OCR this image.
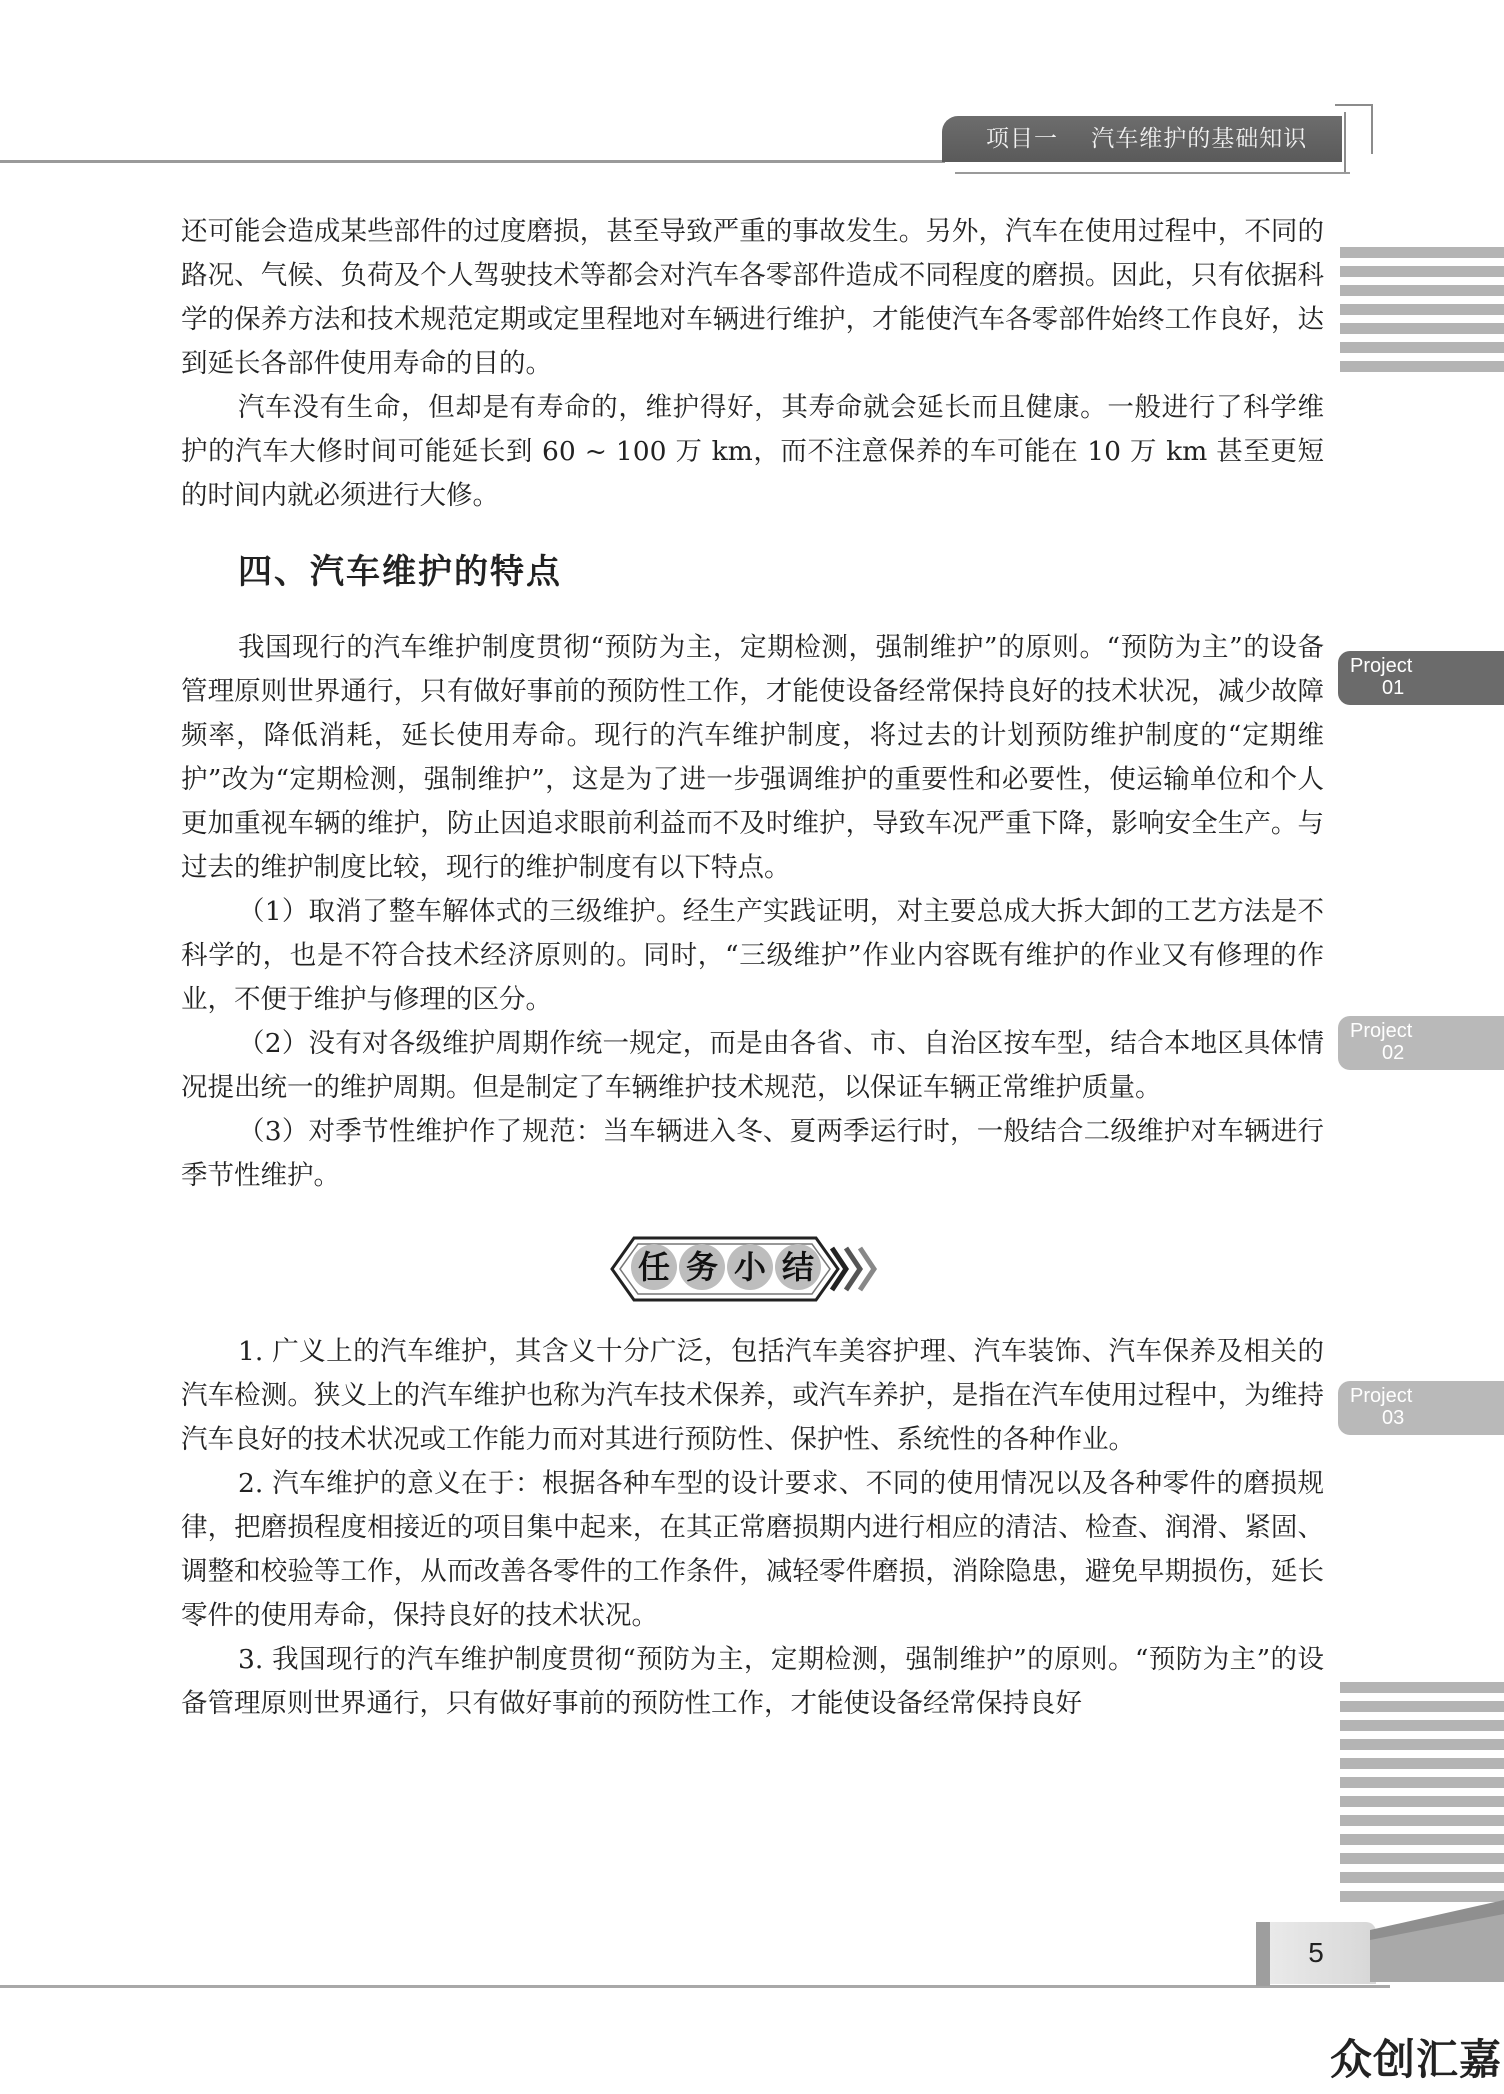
项目一    汽车维护的基础知识
Project
01
Project
02
Project
03

还可能会造成某些部件的过度磨损，甚至导致严重的事故发生。另外，汽车在使用过程中，不同的路况、气候、负荷及个人驾驶技术等都会对汽车各零部件造成不同程度的磨损。因此，只有依据科学的保养方法和技术规范定期或定里程地对车辆进行维护，才能使汽车各零部件始终工作良好，达到延长各部件使用寿命的目的。

汽车没有生命，但却是有寿命的，维护得好，其寿命就会延长而且健康。一般进行了科学维护的汽车大修时间可能延长到 60 ~ 100 万 km，而不注意保养的车可能在 10 万 km 甚至更短的时间内就必须进行大修。

四、汽车维护的特点

我国现行的汽车维护制度贯彻“预防为主，定期检测，强制维护”的原则。“预防为主”的设备管理原则世界通行，只有做好事前的预防性工作，才能使设备经常保持良好的技术状况，减少故障频率，降低消耗，延长使用寿命。现行的汽车维护制度，将过去的计划预防维护制度的“定期维护”改为“定期检测，强制维护”，这是为了进一步强调维护的重要性和必要性，使运输单位和个人更加重视车辆的维护，防止因追求眼前利益而不及时维护，导致车况严重下降，影响安全生产。与过去的维护制度比较，现行的维护制度有以下特点。

（1）取消了整车解体式的三级维护。经生产实践证明，对主要总成大拆大卸的工艺方法是不科学的，也是不符合技术经济原则的。同时，“三级维护”作业内容既有维护的作业又有修理的作业，不便于维护与修理的区分。

（2）没有对各级维护周期作统一规定，而是由各省、市、自治区按车型，结合本地区具体情况提出统一的维护周期。但是制定了车辆维护技术规范，以保证车辆正常维护质量。

（3）对季节性维护作了规范：当车辆进入冬、夏两季运行时，一般结合二级维护对车辆进行季节性维护。

任 务 小 结

1. 广义上的汽车维护，其含义十分广泛，包括汽车美容护理、汽车装饰、汽车保养及相关的汽车检测。狭义上的汽车维护也称为汽车技术保养，或汽车养护，是指在汽车使用过程中，为维持汽车良好的技术状况或工作能力而对其进行预防性、保护性、系统性的各种作业。

2. 汽车维护的意义在于：根据各种车型的设计要求、不同的使用情况以及各种零件的磨损规律，把磨损程度相接近的项目集中起来，在其正常磨损期内进行相应的清洁、检查、润滑、紧固、调整和校验等工作，从而改善各零件的工作条件，减轻零件磨损，消除隐患，避免早期损伤，延长零件的使用寿命，保持良好的技术状况。

3. 我国现行的汽车维护制度贯彻“预防为主，定期检测，强制维护”的原则。“预防为主”的设备管理原则世界通行，只有做好事前的预防性工作，才能使设备经常保持良好

5
众创汇嘉
